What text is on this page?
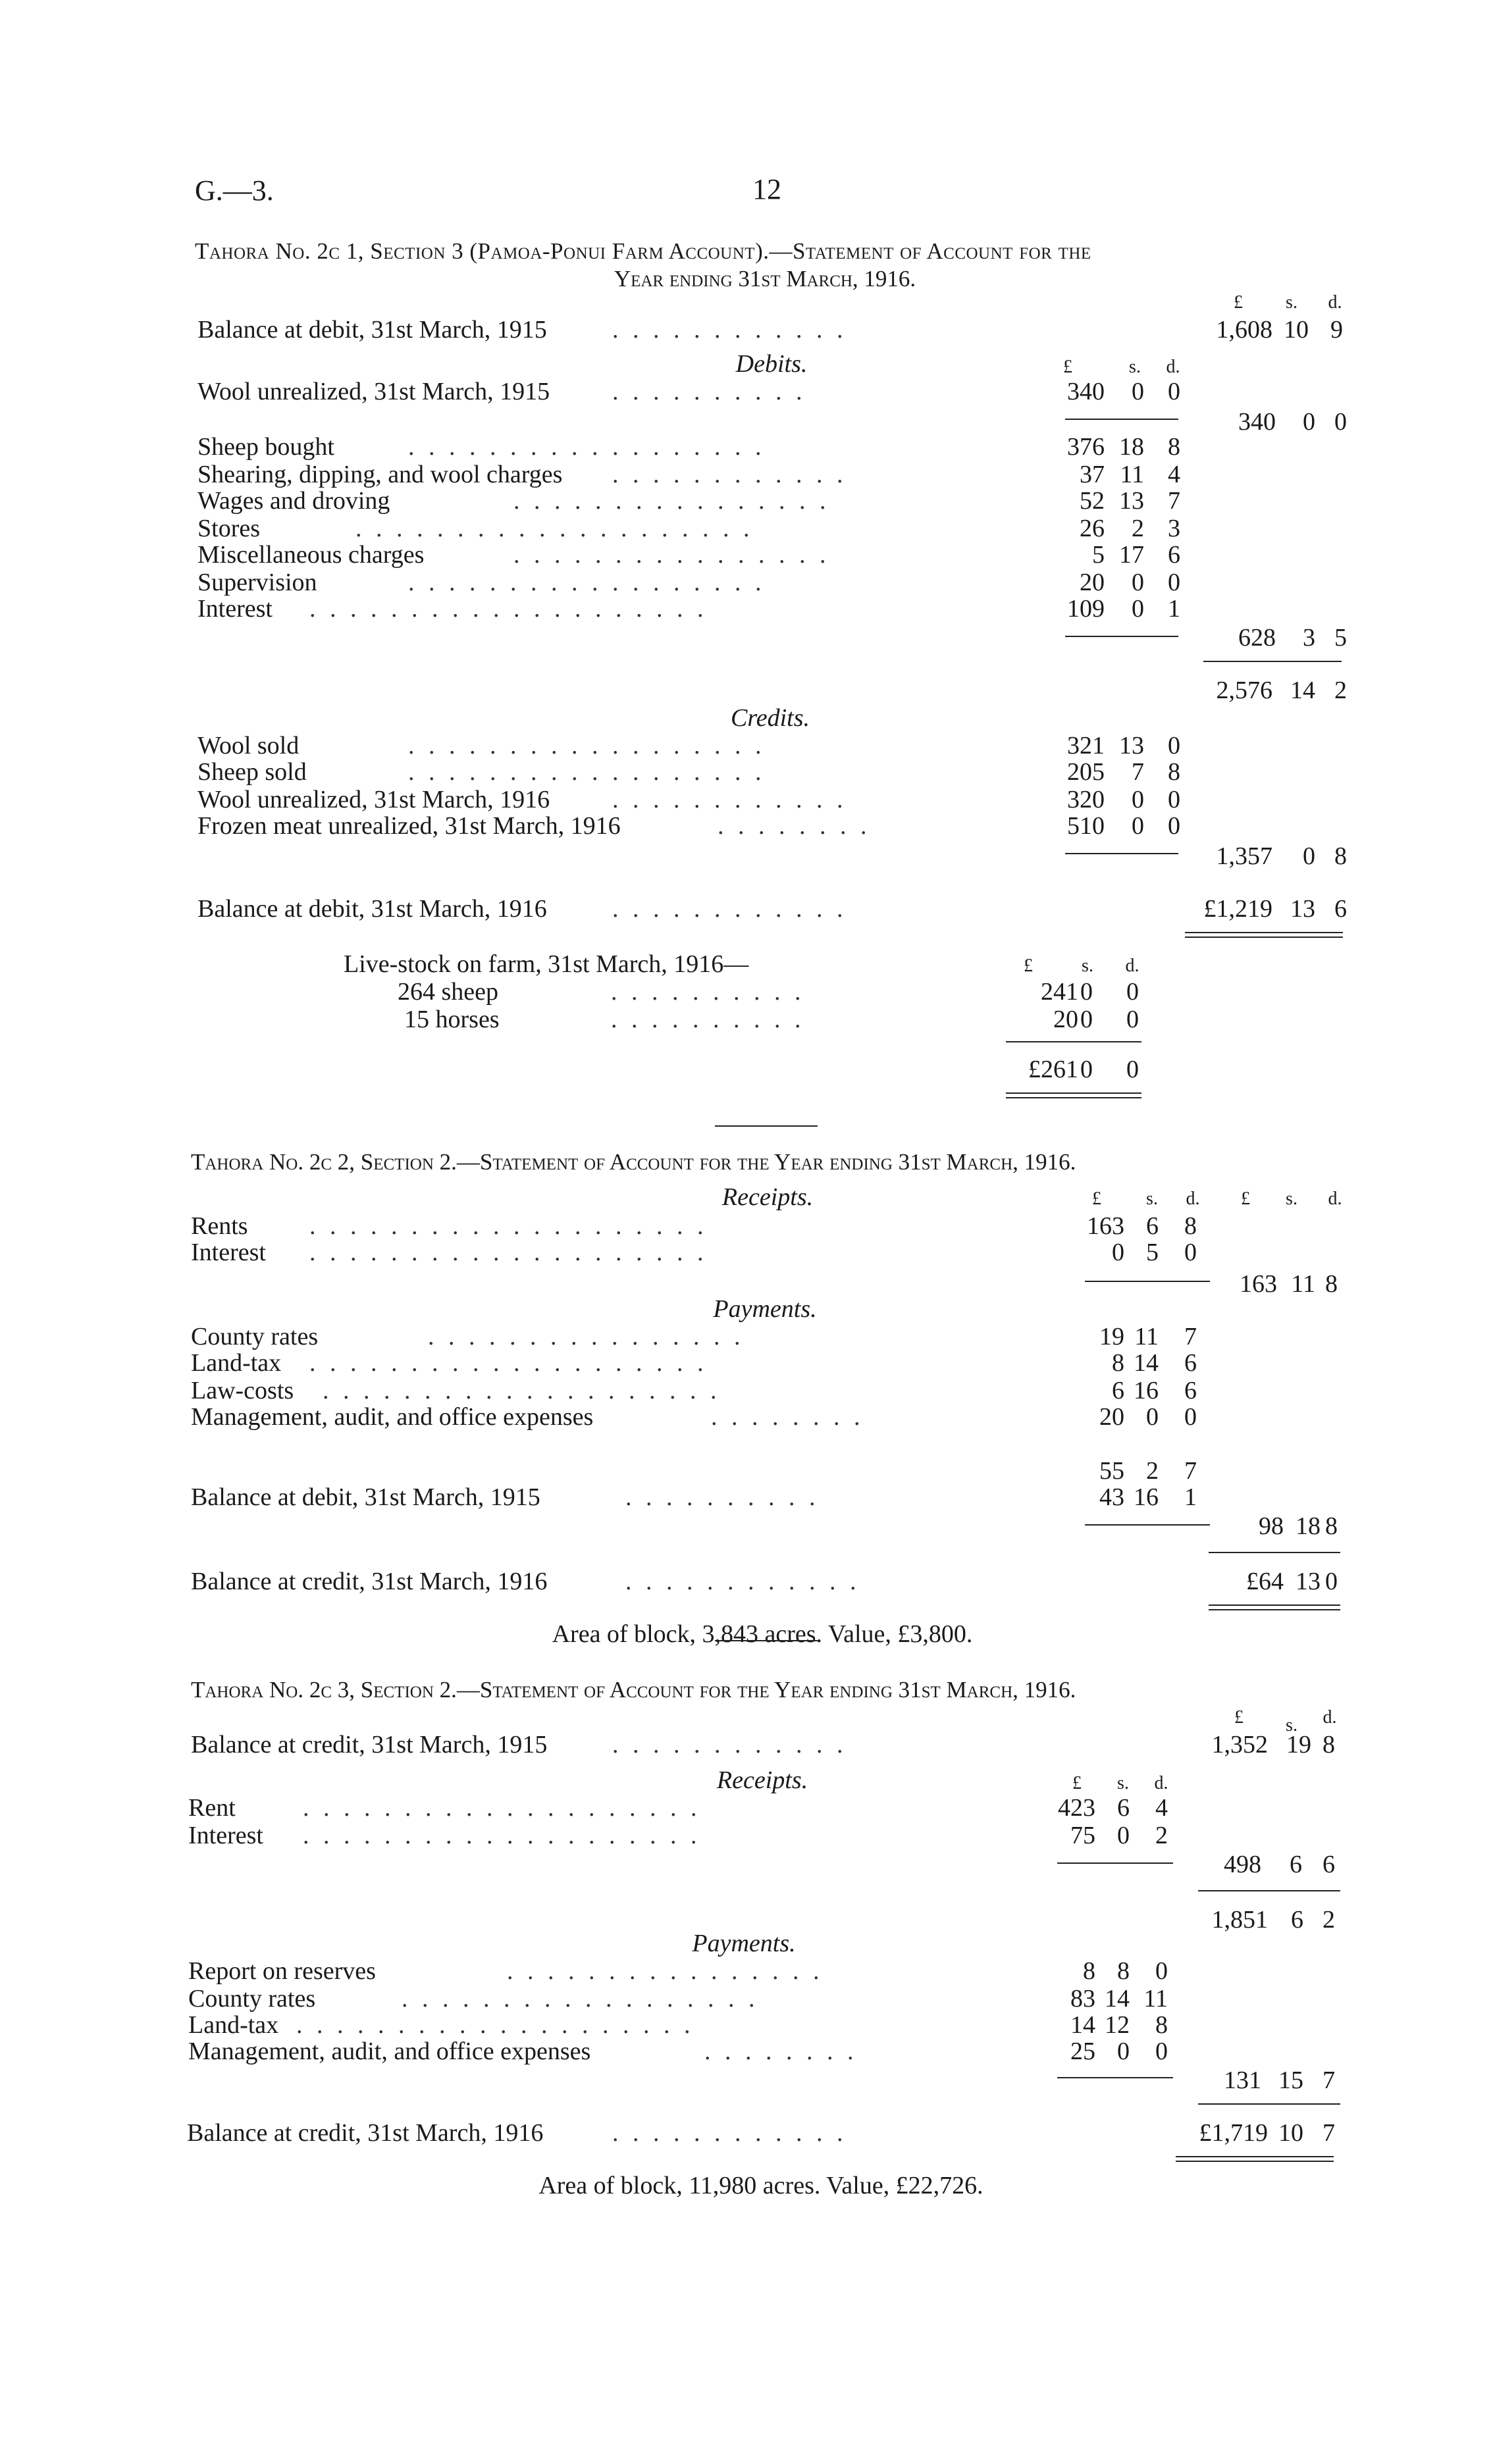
G.—3.	12
Tahora No. 2c 1, Section 3 (Pamoa-Ponui Farm Account).—Statement of Account for the
Year ending 31st March, 1916.
£ s. d.
Balance at debit, 31st March, 1915	. . . . . . . . . . . .	1,608 10 9
Debits.	£	s. d.
Wool unrealized, 31st March, 1915 . . . . . . . . . .	340 0 0
340 0 0
Sheep bought	376 18 8
Shearing, dipping, and wool charges	37 11 4
Wages and droving	52 13 7
Stores	26 2 3
Miscellaneous charges	5 17 6
Supervision	20 0 0
Interest	109 0 1
. . . . . . . . . . . . . . . . . .
. . . . . . . . . . . .
. . . . . . . . . . . . . . . .
. . . . . . . . . . . . . . . . . . . .
. . . . . . . . . . . . . . . .
. . . . . . . . . . . . . . . . . .
. . . . . . . . . . . . . . . . . . . .
628 3 5
2,576 14 2
Credits.
Wool sold	321 13 0
Sheep sold	205 7 8
Wool unrealized, 31st March, 1916	320 0 0
Frozen meat unrealized, 31st March, 1916	510 0 0
. . . . . . . . . . . . . . . . . .
. . . . . . . . . . . . . . . . . .
. . . . . . . . . . . .
. . . . . . . .
1,357 0 8
Balance at debit, 31st March, 1916	. . . . . . . . . . . .	£1,219 13 6
Live-stock on farm, 31st March, 1916—	£	s. d.
264 sheep	. . . . . . . . . .	241 0 0
15 horses	. . . . . . . . . .	20 0 0
£261 0 0
Tahora No. 2c 2, Section 2.—Statement of Account for the Year ending 31st March, 1916.
Receipts.	£ s. d. £ s. d.
Rents . . . . . . . . . . . . . . . . . . . .	163 6 8
Interest . . . . . . . . . . . . . . . . . . . .	0 5 0
163 11 8
Payments.
County rates	. . . . . . . . . . . . . . . .	19 11 7
Land-tax . . . . . . . . . . . . . . . . . . . .	8 14 6
Law-costs . . . . . . . . . . . . . . . . . . . .	6 16 6
Management, audit, and office expenses	. . . . . . . .	20 0 0
55 2 7
Balance at debit, 31st March, 1915	. . . . . . . . . .	43 16 1
98 18 8
Balance at credit, 31st March, 1916	. . . . . . . . . . . .	£64 13 0
Area of block, 3,843 acres. Value, £3,800.
Tahora No. 2c 3, Section 2.—Statement of Account for the Year ending 31st March, 1916.
£ s. d.
Balance at credit, 31st March, 1915	. . . . . . . . . . . .	1,352 19 8
Receipts.	£ s. d.
Rent	. . . . . . . . . . . . . . . . . . . .	423 6 4
Interest . . . . . . . . . . . . . . . . . . . .	75 0 2
498 6 6
1,851 6 2
Payments.
Report on reserves	. . . . . . . . . . . . . . . .	8 8 0
County rates	. . . . . . . . . . . . . . . . . .	83 14 11
Land-tax . . . . . . . . . . . . . . . . . . . .	14 12 8
Management, audit, and office expenses	. . . . . . . .	25 0 0
131 15 7
Balance at credit, 31st March, 1916	. . . . . . . . . . . .	£1,719 10 7
Area of block, 11,980 acres. Value, £22,726.
